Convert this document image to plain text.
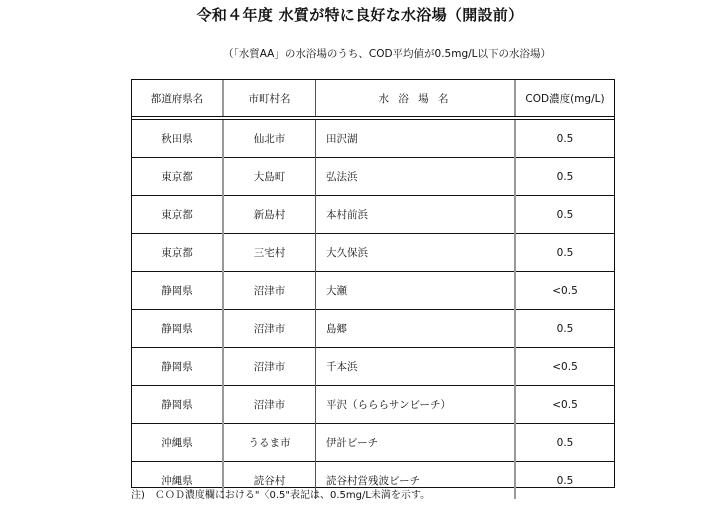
令和４年度 水質が特に良好な水浴場（開設前）
（「水質AA」の水浴場のうち、COD平均値が0.5mg/L以下の水浴場）
都道府県名	市町村名	水 浴 場 名	COD濃度(mg/L)
秋田県	仙北市	田沢湖	0.5
東京都	大島町	弘法浜	0.5
東京都	新島村	本村前浜	0.5
東京都	三宅村	大久保浜	0.5
静岡県	沼津市	大瀬	<0.5
静岡県	沼津市	島郷	0.5
静岡県	沼津市	千本浜	<0.5
静岡県	沼津市	平沢（らららサンビーチ）	<0.5
沖縄県	うるま市	伊計ビーチ	0.5
沖縄県	読谷村	読谷村営残波ビーチ	0.5
注)　ＣＯＤ濃度欄における"〈0.5"表記は、0.5mg/L未満を示す。
